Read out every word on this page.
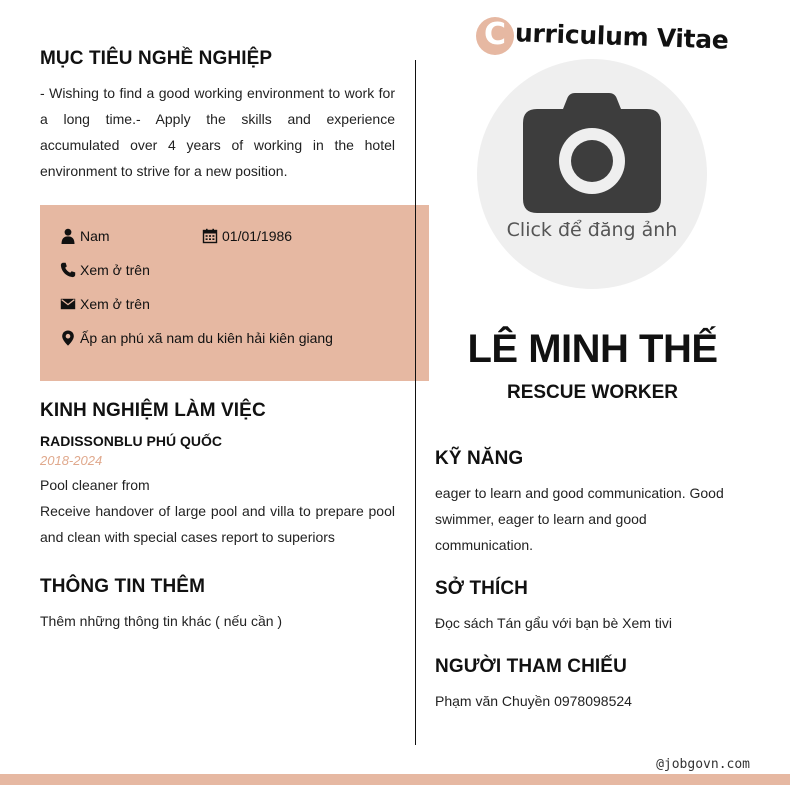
MỤC TIÊU NGHỀ NGHIỆP

- Wishing to find a good working environment to work for a long time.- Apply the skills and experience accumulated over 4 years of working in the hotel environment to strive for a new position.

Nam	01/01/1986
Xem ở trên
Xem ở trên
Ấp an phú xã nam du kiên hải kiên giang
KINH NGHIỆM LÀM VIỆC
RADISSONBLU PHÚ QUỐC
2018-2024
Pool cleaner from
Receive handover of large pool and villa to prepare pool and clean with special cases report to superiors
THÔNG TIN THÊM

Thêm những thông tin khác ( nếu cần )

C urriculum Vitae
Click để đăng ảnh
LÊ MINH THẾ
RESCUE WORKER
KỸ NĂNG

eager to learn and good communication. Good swimmer, eager to learn and good communication.

SỞ THÍCH

Đọc sách Tán gẩu với bạn bè Xem tivi

NGƯỜI THAM CHIẾU

Phạm văn Chuyền 0978098524

@jobgovn.com
